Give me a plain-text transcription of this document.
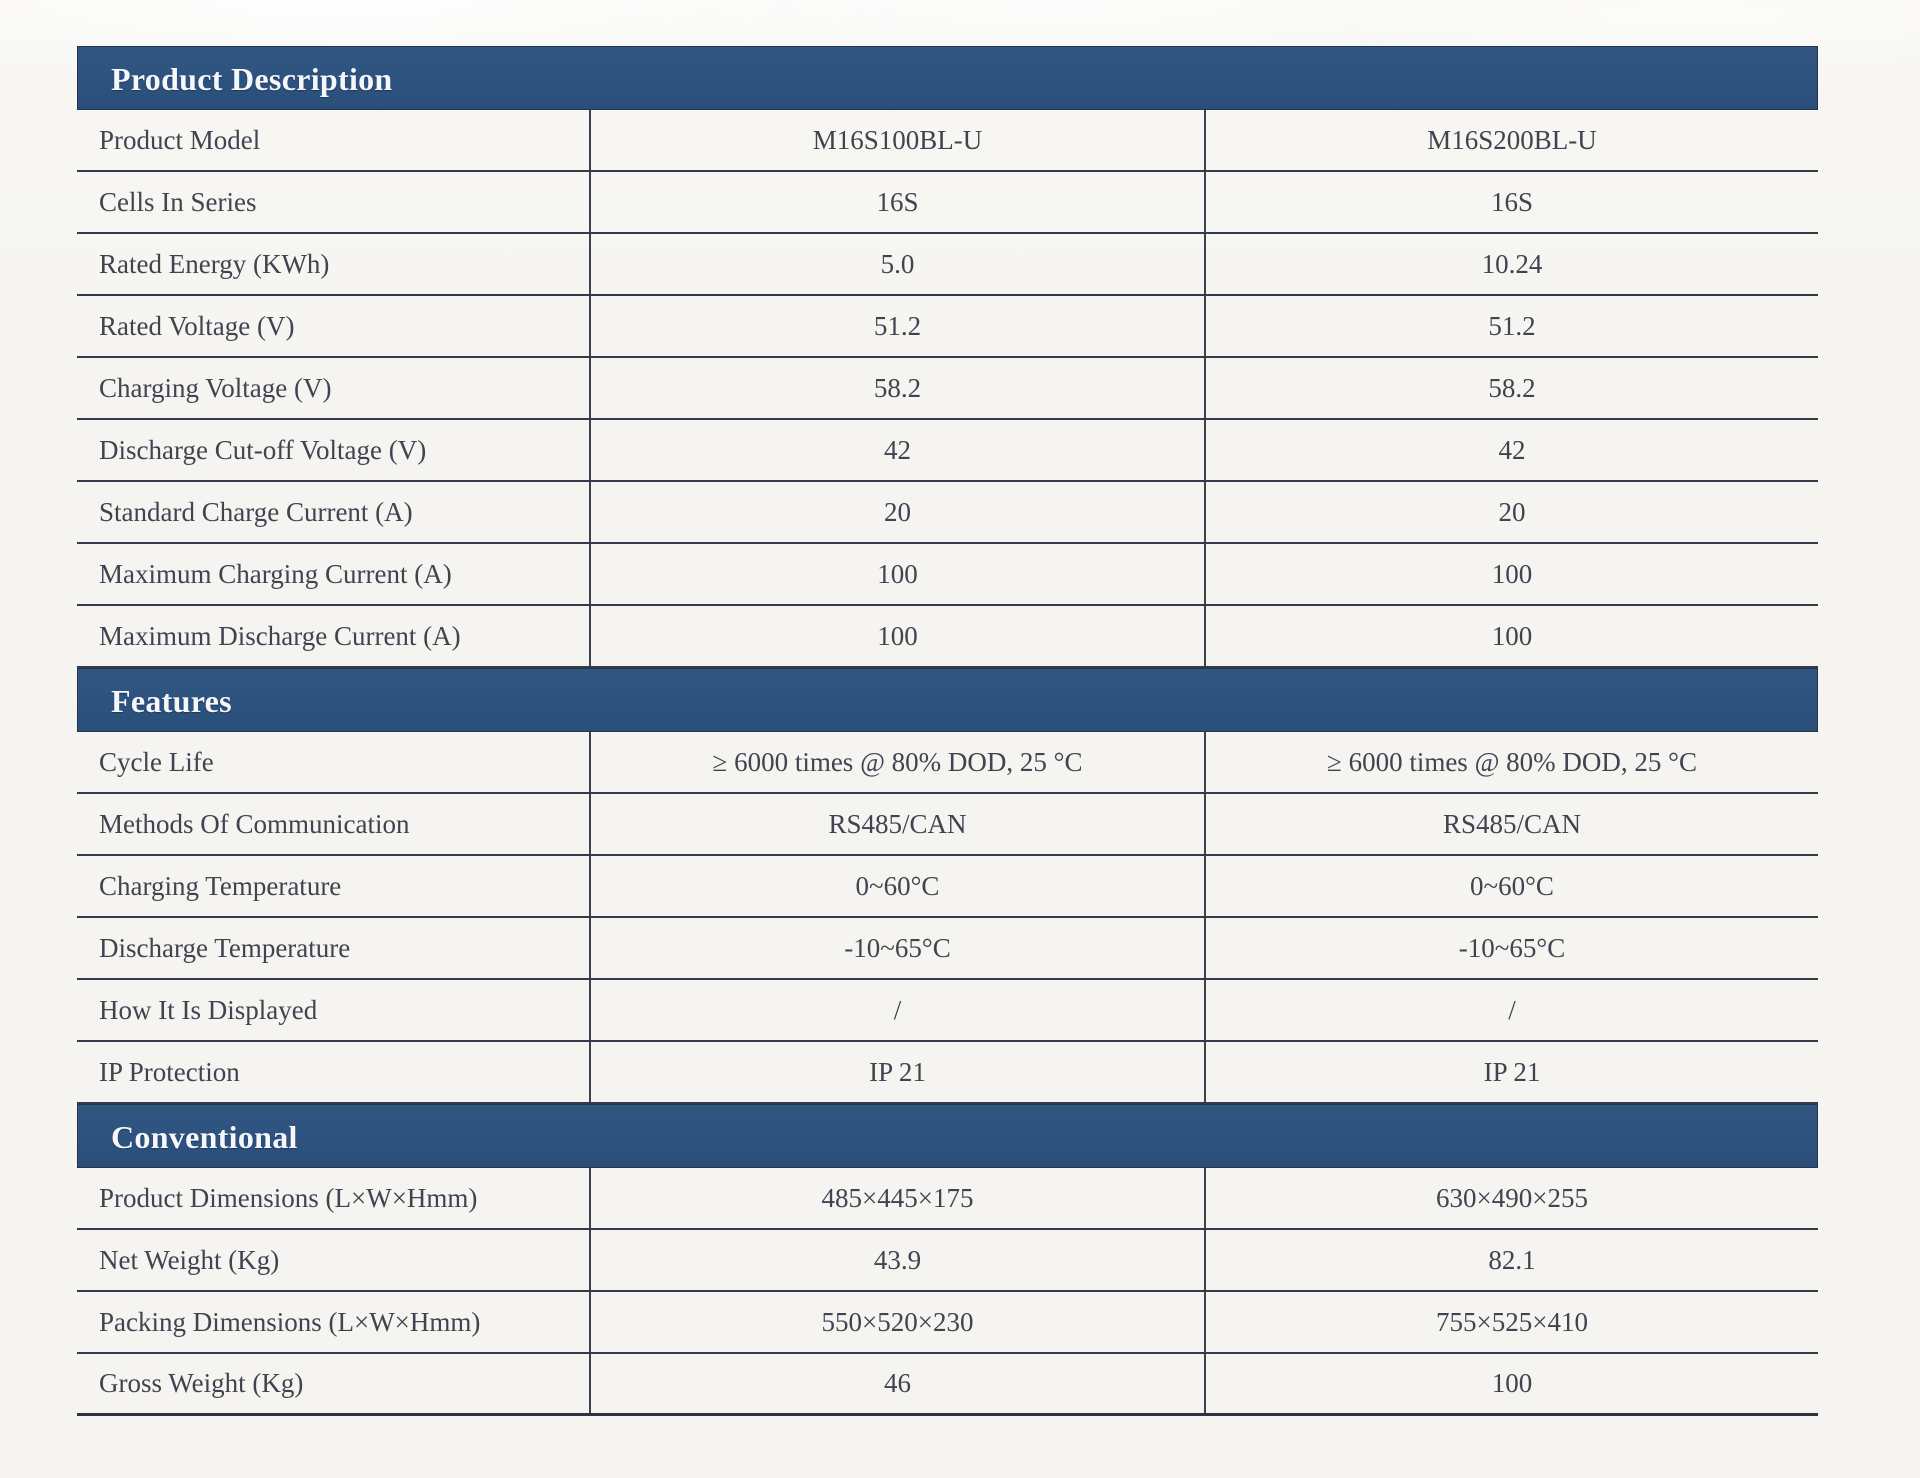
Product Description
Product Model	M16S100BL-U	M16S200BL-U
Cells In Series	16S	16S
Rated Energy (KWh)	5.0	10.24
Rated Voltage (V)	51.2	51.2
Charging Voltage (V)	58.2	58.2
Discharge Cut-off Voltage (V)	42	42
Standard Charge Current (A)	20	20
Maximum Charging Current (A)	100	100
Maximum Discharge Current (A)	100	100
Features
Cycle Life	≥ 6000 times @ 80% DOD, 25 °C	≥ 6000 times @ 80% DOD, 25 °C
Methods Of Communication	RS485/CAN	RS485/CAN
Charging Temperature	0~60°C	0~60°C
Discharge Temperature	-10~65°C	-10~65°C
How It Is Displayed	/	/
IP Protection	IP 21	IP 21
Conventional
Product Dimensions (L×W×Hmm)	485×445×175	630×490×255
Net Weight (Kg)	43.9	82.1
Packing Dimensions (L×W×Hmm)	550×520×230	755×525×410
Gross Weight (Kg)	46	100
